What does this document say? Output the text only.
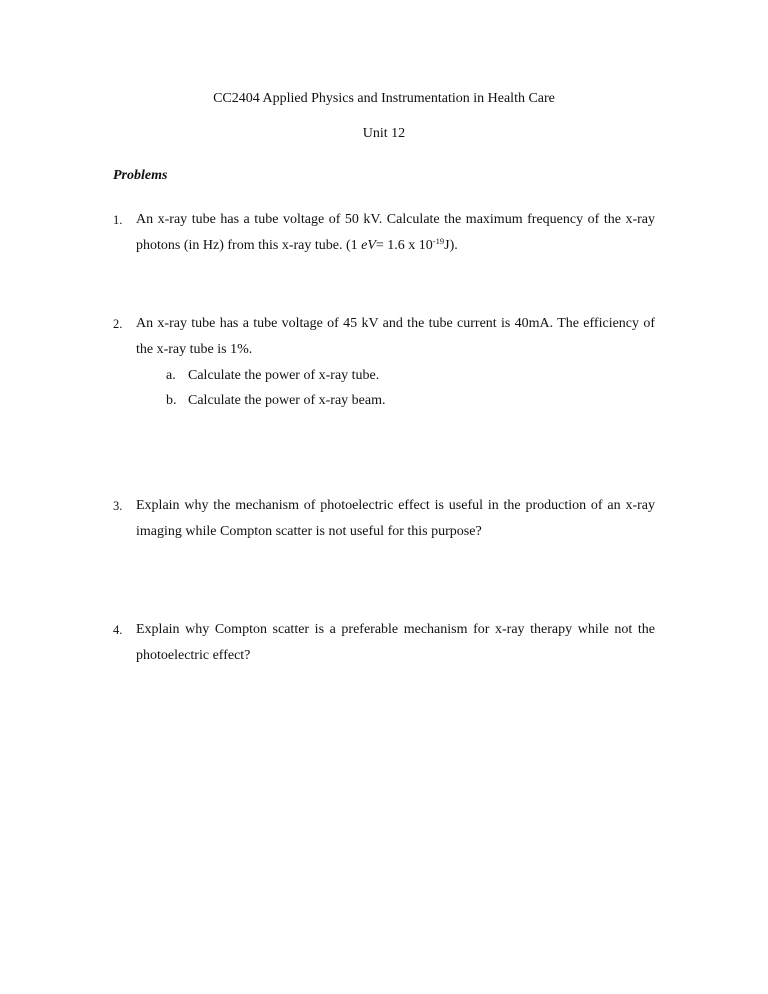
CC2404 Applied Physics and Instrumentation in Health Care
Unit 12
Problems
1. An x-ray tube has a tube voltage of 50 kV. Calculate the maximum frequency of the x-ray photons (in Hz) from this x-ray tube. (1 eV= 1.6 x $10^{-19}J$).
2. An x-ray tube has a tube voltage of 45 kV and the tube current is 40mA. The efficiency of the x-ray tube is 1%.
a. Calculate the power of x-ray tube.
b. Calculate the power of x-ray beam.
3. Explain why the mechanism of photoelectric effect is useful in the production of an x-ray imaging while Compton scatter is not useful for this purpose?
4. Explain why Compton scatter is a preferable mechanism for x-ray therapy while not the photoelectric effect?
